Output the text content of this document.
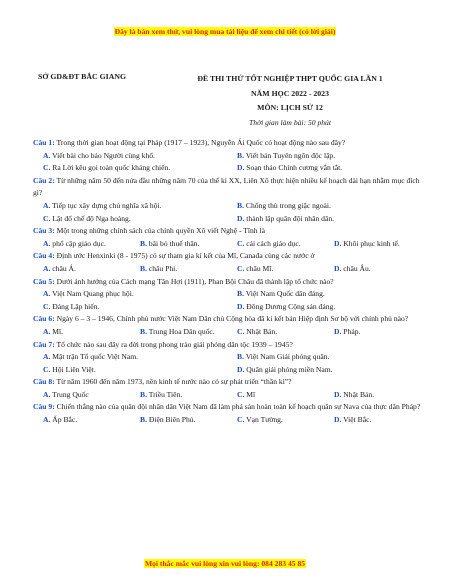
Đây là bản xem thử, vui lòng mua tài liệu để xem chi tiết (có lời giải)
SỞ GD&ĐT BẮC GIANG	ĐỀ THI THỬ TỐT NGHIỆP THPT QUỐC GIA LẦN 1
NĂM HỌC 2022 - 2023
MÔN: LỊCH SỬ 12
Thời gian làm bài: 50 phút
Câu 1: Trong thời gian hoạt động tại Pháp (1917 – 1923), Nguyễn Ái Quốc có hoạt động nào sau đây?
A. Viết bài cho báo Người cùng khổ.	B. Viết bản Tuyên ngôn độc lập.
C. Ra Lời kêu gọi toàn quốc kháng chiến.	D. Soạn thảo Chính cương vắn tắt.
Câu 2: Từ những năm 50 đến nửa đầu những năm 70 của thế kỉ XX, Liên Xô thực hiện nhiều kế hoạch dài hạn nhằm mục đích gì?
A. Tiếp tục xây dựng chủ nghĩa xã hội.	B. Chống thù trong giặc ngoài.
C. Lật đổ chế độ Nga hoàng.	D. thành lập quân đội nhân dân.
Câu 3: Một trong những chính sách của chính quyền Xô viết Nghệ - Tĩnh là
A. phổ cập giáo dục.	B. bãi bỏ thuế thân.	C. cải cách giáo dục.	D. Khôi phục kinh tế.
Câu 4: Định ước Henxinki (8 - 1975) có sự tham gia kí kết của Mĩ, Canađa cùng các nước ở
A. châu Á.	B. châu Phi.	C. châu Mĩ.	D. châu Âu.
Câu 5: Dưới ảnh hưởng của Cách mạng Tân Hợi (1911), Phan Bội Châu đã thành lập tổ chức nào?
A. Việt Nam Quang phục hội.	B. Việt Nam Quốc dân đảng.
C. Đảng Lập hiến.	D. Đông Dương Cộng sản đảng.
Câu 6: Ngày 6 – 3 – 1946, Chính phủ nước Việt Nam Dân chủ Cộng hòa đã kí kết bản Hiệp định Sơ bộ với chính phủ nào?
A. Mĩ.	B. Trung Hoa Dân quốc.	C. Nhật Bản.	D. Pháp.
Câu 7: Tổ chức nào sau đây ra đời trong phong trào giải phóng dân tộc 1939 – 1945?
A. Mặt trận Tổ quốc Việt Nam.	B. Việt Nam Giải phóng quân.
C. Hội Liên Việt.	D. Quân giải phóng miền Nam.
Câu 8: Từ năm 1960 đến năm 1973, nền kinh tế nước nào có sự phát triển “thần kì”?
A. Trung Quốc	B. Triều Tiên.	C. Mĩ	D. Nhật Bản.
Câu 9: Chiến thắng nào của quân đội nhân dân Việt Nam đã làm phá sản hoàn toàn kế hoạch quân sự Nava của thực dân Pháp?
A. Ấp Bắc.	B. Điện Biên Phủ.	C. Vạn Tường.	D. Việt Bắc.
Mọi thắc mắc vui lòng xin vui lòng: 084 283 45 85
